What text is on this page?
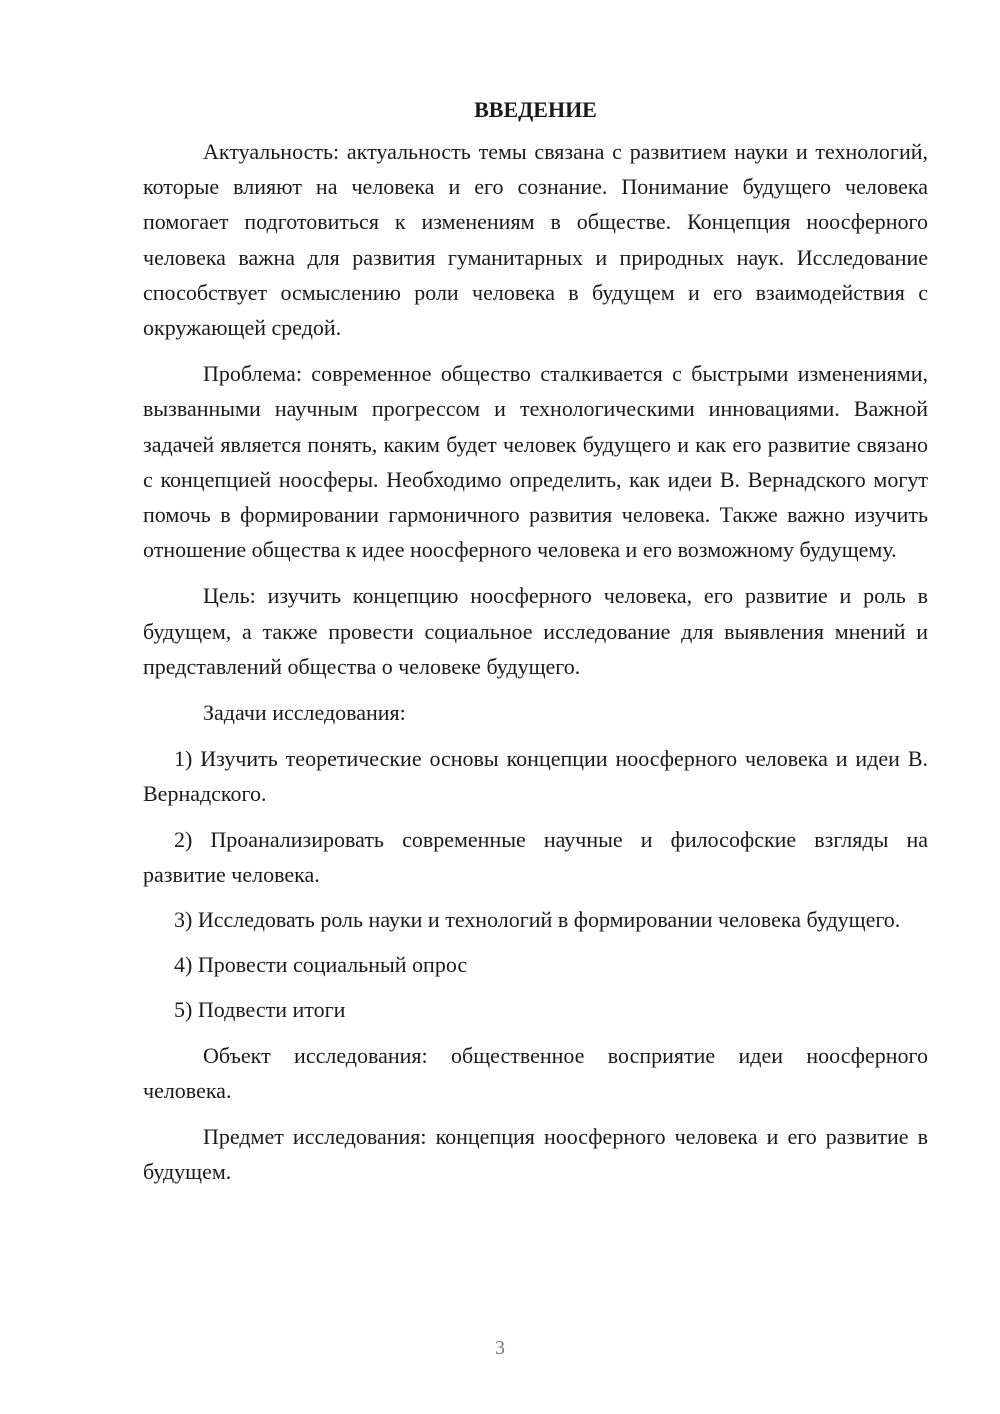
ВВЕДЕНИЕ

Актуальность: актуальность темы связана с развитием науки и технологий, которые влияют на человека и его сознание. Понимание будущего человека помогает подготовиться к изменениям в обществе. Концепция ноосферного человека важна для развития гуманитарных и природных наук. Исследование способствует осмыслению роли человека в будущем и его взаимодействия с окружающей средой.

Проблема: современное общество сталкивается с быстрыми изменениями, вызванными научным прогрессом и технологическими инновациями. Важной задачей является понять, каким будет человек будущего и как его развитие связано с концепцией ноосферы. Необходимо определить, как идеи В. Вернадского могут помочь в формировании гармоничного развития человека. Также важно изучить отношение общества к идее ноосферного человека и его возможному будущему.

Цель: изучить концепцию ноосферного человека, его развитие и роль в будущем, а также провести социальное исследование для выявления мнений и представлений общества о человеке будущего.

Задачи исследования:

1) Изучить теоретические основы концепции ноосферного человека и идеи В. Вернадского.

2) Проанализировать современные научные и философские взгляды на развитие человека.

3) Исследовать роль науки и технологий в формировании человека будущего.

4) Провести социальный опрос

5) Подвести итоги

Объект исследования: общественное восприятие идеи ноосферного человека.

Предмет исследования: концепция ноосферного человека и его развитие в будущем.

3
